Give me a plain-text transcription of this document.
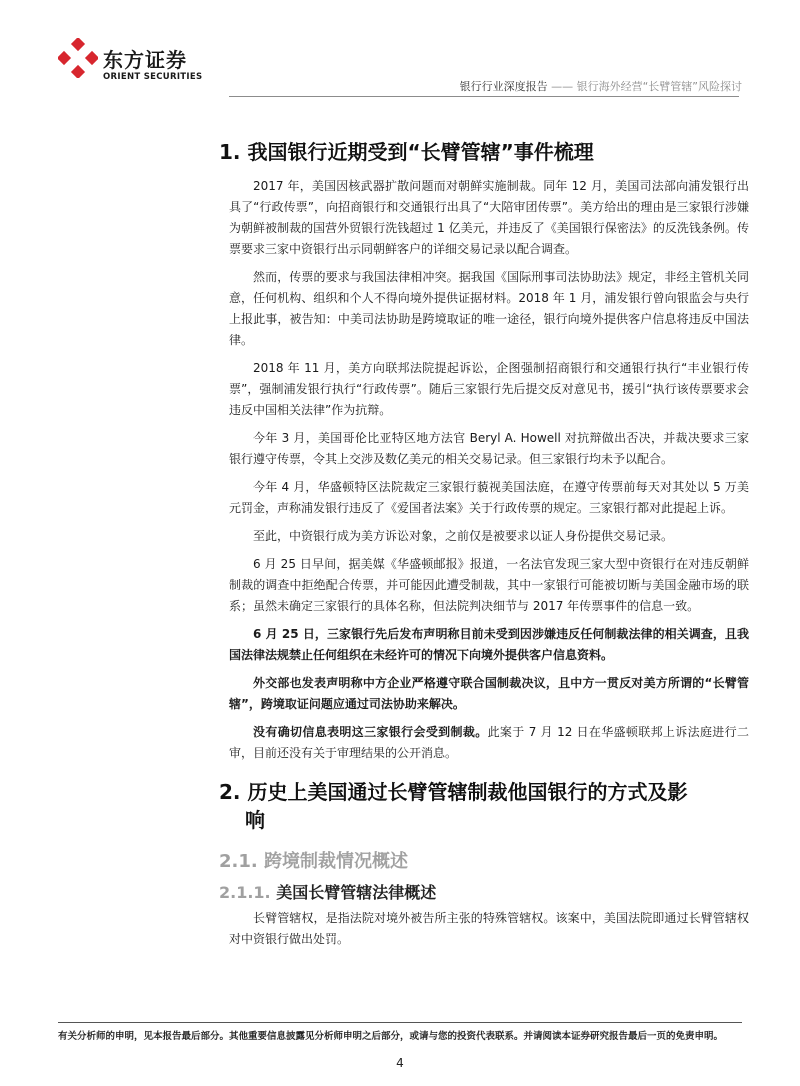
东方证券
ORIENT SECURITIES
银行行业深度报告 —— 银行海外经营“长臂管辖”风险探讨
1. 我国银行近期受到“长臂管辖”事件梳理

2017 年，美国因核武器扩散问题而对朝鲜实施制裁。同年 12 月，美国司法部向浦发银行出具了“行政传票”，向招商银行和交通银行出具了“大陪审团传票”。美方给出的理由是三家银行涉嫌为朝鲜被制裁的国营外贸银行洗钱超过 1 亿美元，并违反了《美国银行保密法》的反洗钱条例。传票要求三家中资银行出示同朝鲜客户的详细交易记录以配合调查。

然而，传票的要求与我国法律相冲突。据我国《国际刑事司法协助法》规定，非经主管机关同意，任何机构、组织和个人不得向境外提供证据材料。2018 年 1 月，浦发银行曾向银监会与央行上报此事，被告知：中美司法协助是跨境取证的唯一途径，银行向境外提供客户信息将违反中国法律。

2018 年 11 月，美方向联邦法院提起诉讼，企图强制招商银行和交通银行执行“丰业银行传票”，强制浦发银行执行“行政传票”。随后三家银行先后提交反对意见书，援引“执行该传票要求会违反中国相关法律”作为抗辩。

今年 3 月，美国哥伦比亚特区地方法官 Beryl A. Howell 对抗辩做出否决，并裁决要求三家银行遵守传票，令其上交涉及数亿美元的相关交易记录。但三家银行均未予以配合。

今年 4 月，华盛顿特区法院裁定三家银行藐视美国法庭，在遵守传票前每天对其处以 5 万美元罚金，声称浦发银行违反了《爱国者法案》关于行政传票的规定。三家银行都对此提起上诉。

至此，中资银行成为美方诉讼对象，之前仅是被要求以证人身份提供交易记录。

6 月 25 日早间，据美媒《华盛顿邮报》报道，一名法官发现三家大型中资银行在对违反朝鲜制裁的调查中拒绝配合传票，并可能因此遭受制裁，其中一家银行可能被切断与美国金融市场的联系；虽然未确定三家银行的具体名称，但法院判决细节与 2017 年传票事件的信息一致。

6 月 25 日，三家银行先后发布声明称目前未受到因涉嫌违反任何制裁法律的相关调查，且我国法律法规禁止任何组织在未经许可的情况下向境外提供客户信息资料。

外交部也发表声明称中方企业严格遵守联合国制裁决议，且中方一贯反对美方所谓的“长臂管辖”，跨境取证问题应通过司法协助来解决。

没有确切信息表明这三家银行会受到制裁。此案于 7 月 12 日在华盛顿联邦上诉法庭进行二审，目前还没有关于审理结果的公开消息。

2. 历史上美国通过长臂管辖制裁他国银行的方式及影
响
2.1. 跨境制裁情况概述
2.1.1. 美国长臂管辖法律概述

长臂管辖权，是指法院对境外被告所主张的特殊管辖权。该案中，美国法院即通过长臂管辖权对中资银行做出处罚。

有关分析师的申明，见本报告最后部分。其他重要信息披露见分析师申明之后部分，或请与您的投资代表联系。并请阅读本证券研究报告最后一页的免责申明。
4
